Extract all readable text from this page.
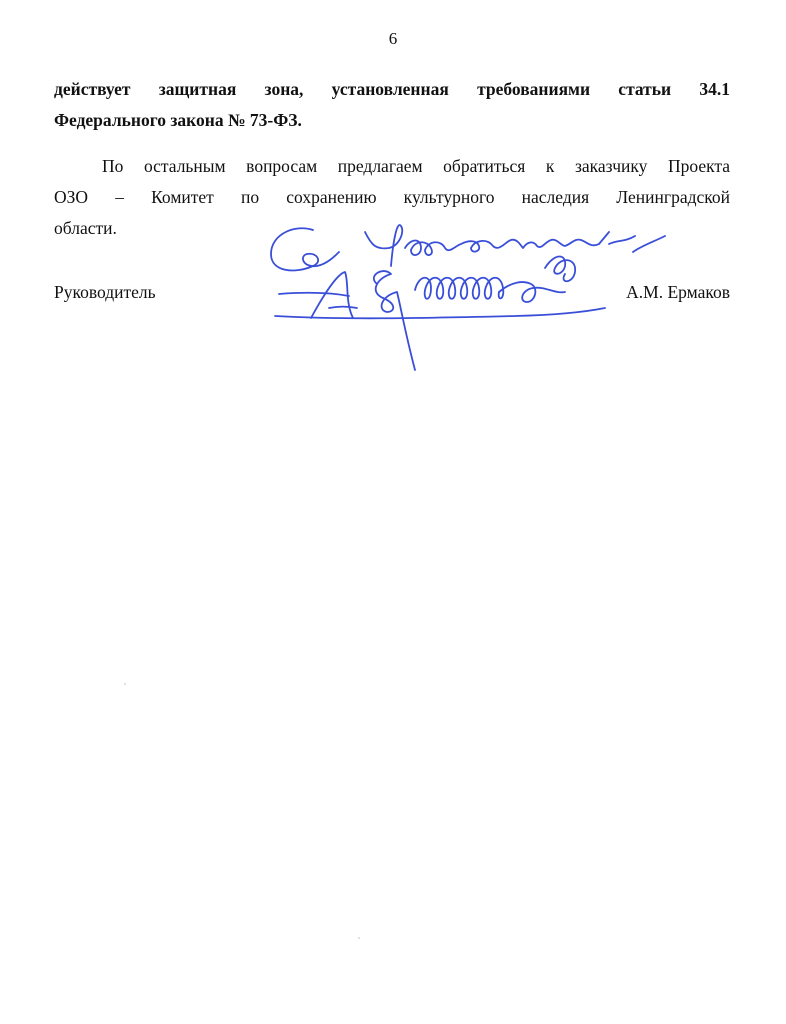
6
действует защитная зона, установленная требованиями статьи 34.1
Федерального закона № 73-ФЗ.
По остальным вопросам предлагаем обратиться к заказчику Проекта
ОЗО – Комитет по сохранению культурного наследия Ленинградской
области.
Руководитель	А.М. Ермаков
